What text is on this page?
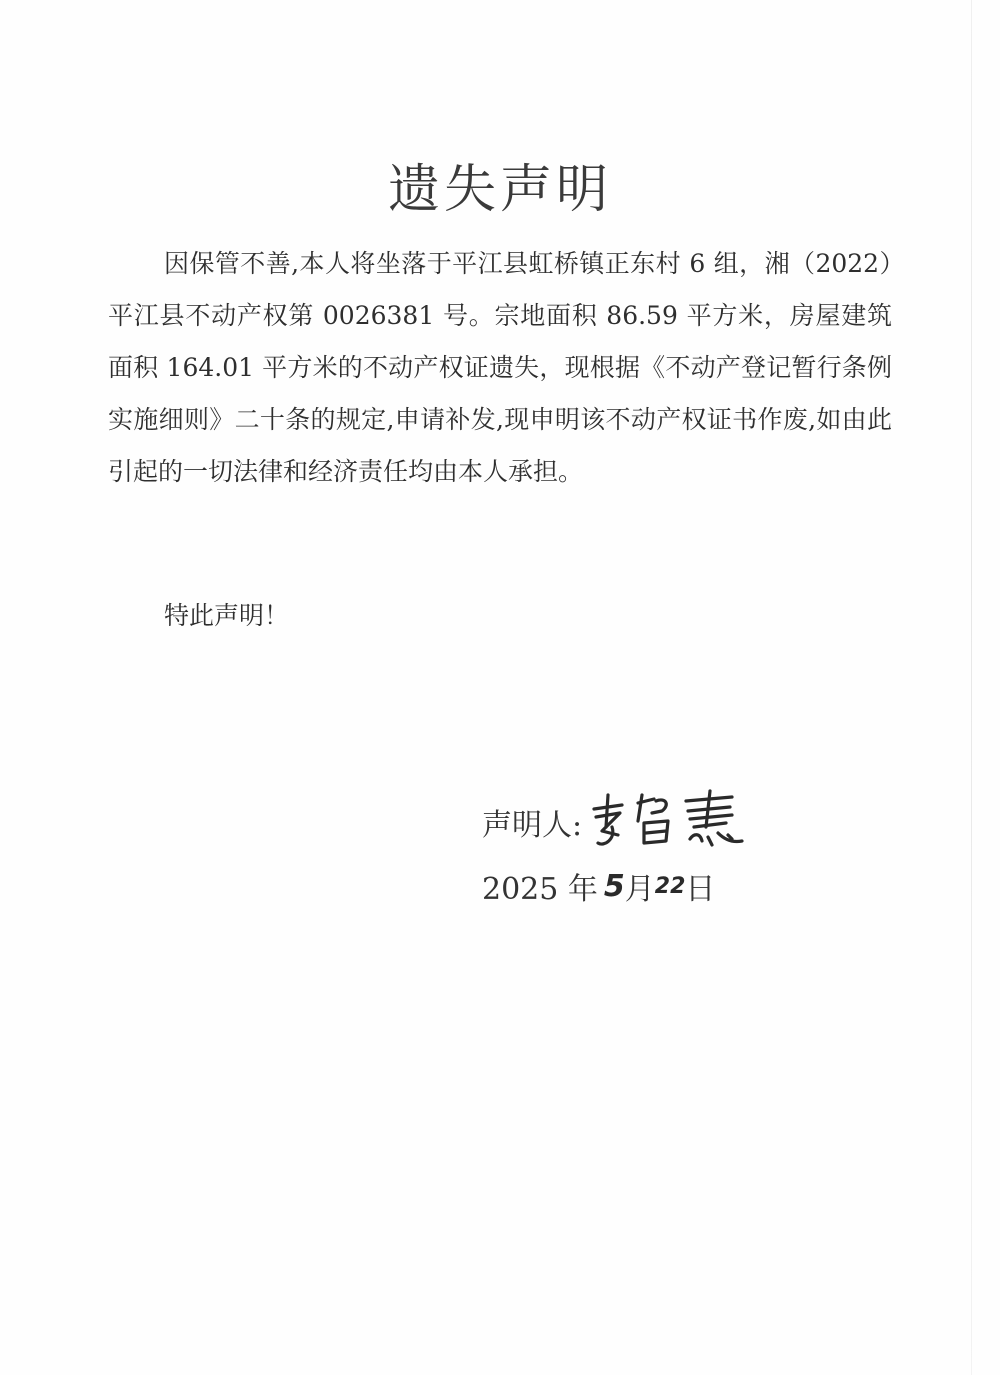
遗失声明

因保管不善,本人将坐落于平江县虹桥镇正东村 6 组，湘（2022）平江县不动产权第 0026381 号。宗地面积 86.59 平方米，房屋建筑面积 164.01 平方米的不动产权证遗失，现根据《不动产登记暂行条例实施细则》二十条的规定,申请补发,现申明该不动产权证书作废,如由此引起的一切法律和经济责任均由本人承担。

特此声明！
声明人:
2025 年 5 月 22 日
